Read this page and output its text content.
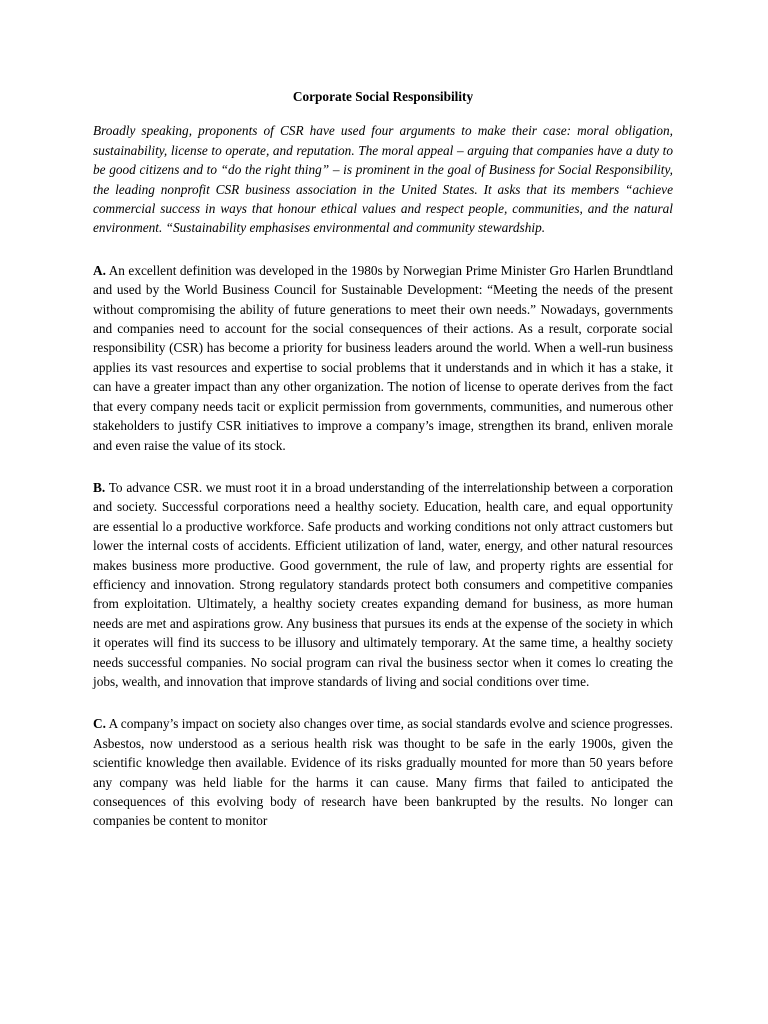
Corporate Social Responsibility

Broadly speaking, proponents of CSR have used four arguments to make their case: moral obligation, sustainability, license to operate, and reputation. The moral appeal – arguing that companies have a duty to be good citizens and to “do the right thing” – is prominent in the goal of Business for Social Responsibility, the leading nonprofit CSR business association in the United States. It asks that its members “achieve commercial success in ways that honour ethical values and respect people, communities, and the natural environment. “Sustainability emphasises environmental and community stewardship.

A. An excellent definition was developed in the 1980s by Norwegian Prime Minister Gro Harlen Brundtland and used by the World Business Council for Sustainable Development: “Meeting the needs of the present without compromising the ability of future generations to meet their own needs.” Nowadays, governments and companies need to account for the social consequences of their actions. As a result, corporate social responsibility (CSR) has become a priority for business leaders around the world. When a well-run business applies its vast resources and expertise to social problems that it understands and in which it has a stake, it can have a greater impact than any other organization. The notion of license to operate derives from the fact that every company needs tacit or explicit permission from governments, communities, and numerous other stakeholders to justify CSR initiatives to improve a company’s image, strengthen its brand, enliven morale and even raise the value of its stock.

B. To advance CSR. we must root it in a broad understanding of the interrelationship between a corporation and society. Successful corporations need a healthy society. Education, health care, and equal opportunity are essential lo a productive workforce. Safe products and working conditions not only attract customers but lower the internal costs of accidents. Efficient utilization of land, water, energy, and other natural resources makes business more productive. Good government, the rule of law, and property rights are essential for efficiency and innovation. Strong regulatory standards protect both consumers and competitive companies from exploitation. Ultimately, a healthy society creates expanding demand for business, as more human needs are met and aspirations grow. Any business that pursues its ends at the expense of the society in which it operates will find its success to be illusory and ultimately temporary. At the same time, a healthy society needs successful companies. No social program can rival the business sector when it comes lo creating the jobs, wealth, and innovation that improve standards of living and social conditions over time.

C. A company’s impact on society also changes over time, as social standards evolve and science progresses. Asbestos, now understood as a serious health risk was thought to be safe in the early 1900s, given the scientific knowledge then available. Evidence of its risks gradually mounted for more than 50 years before any company was held liable for the harms it can cause. Many firms that failed to anticipated the consequences of this evolving body of research have been bankrupted by the results. No longer can companies be content to monitor
